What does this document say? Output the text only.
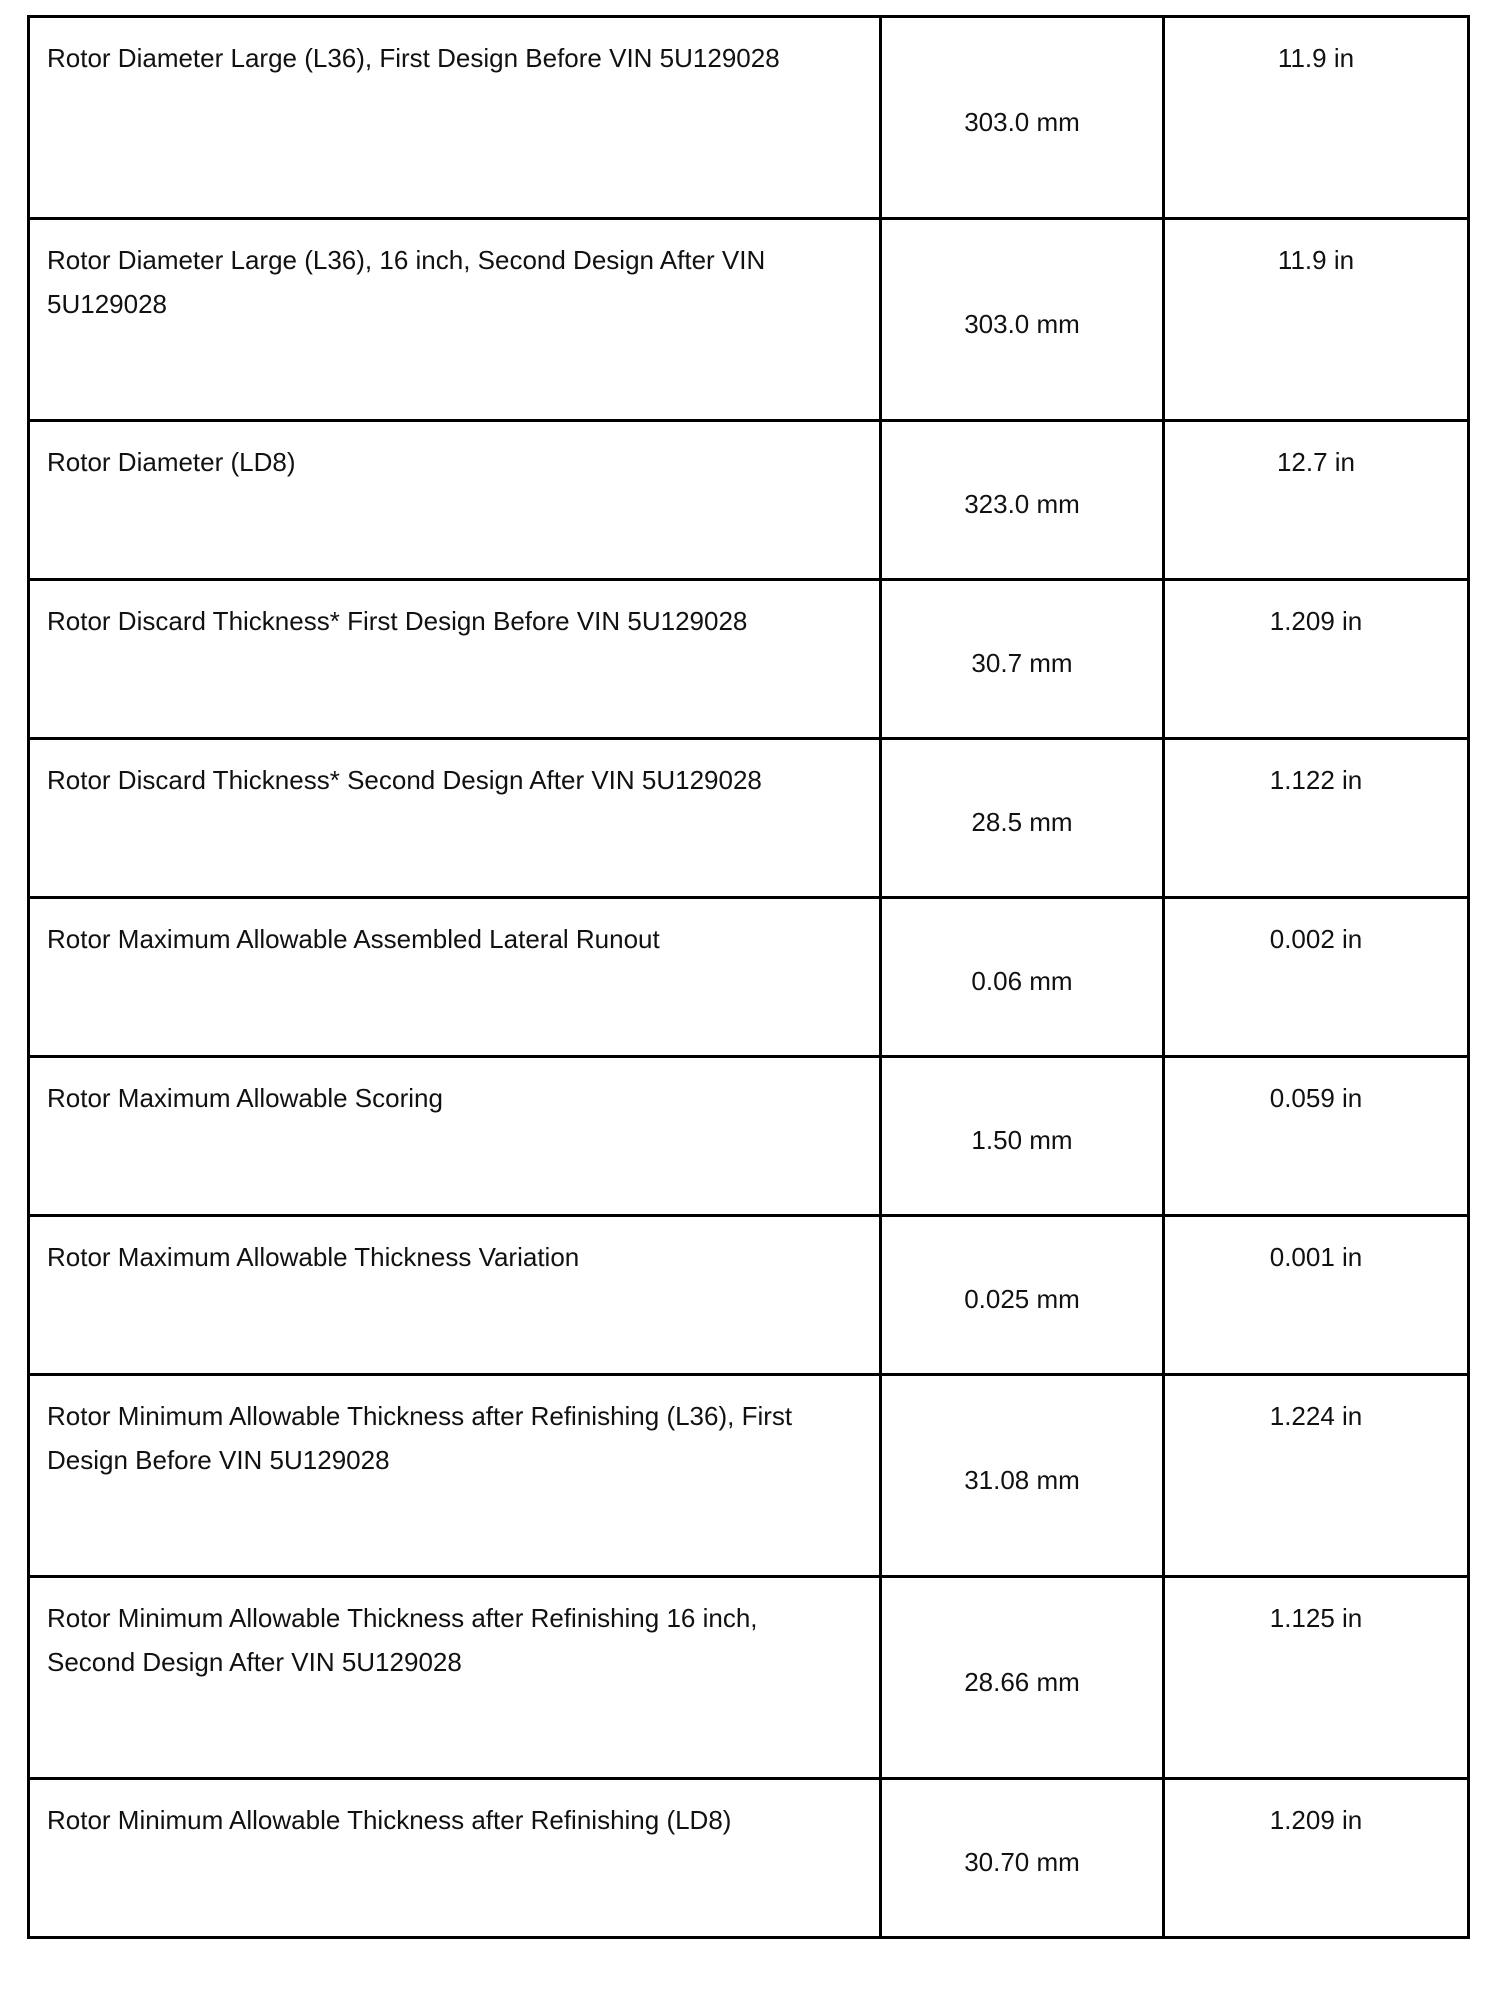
Rotor Diameter Large (L36), First Design Before VIN 5U129028	303.0 mm	11.9 in

Rotor Diameter Large (L36), 16 inch, Second Design After VIN 5U129028	303.0 mm	11.9 in

Rotor Diameter (LD8)	323.0 mm	12.7 in

Rotor Discard Thickness* First Design Before VIN 5U129028	30.7 mm	1.209 in

Rotor Discard Thickness* Second Design After VIN 5U129028	28.5 mm	1.122 in

Rotor Maximum Allowable Assembled Lateral Runout	0.06 mm	0.002 in

Rotor Maximum Allowable Scoring	1.50 mm	0.059 in

Rotor Maximum Allowable Thickness Variation	0.025 mm	0.001 in

Rotor Minimum Allowable Thickness after Refinishing (L36), First Design Before VIN 5U129028	31.08 mm	1.224 in

Rotor Minimum Allowable Thickness after Refinishing 16 inch, Second Design After VIN 5U129028	28.66 mm	1.125 in

Rotor Minimum Allowable Thickness after Refinishing (LD8)	30.70 mm	1.209 in
